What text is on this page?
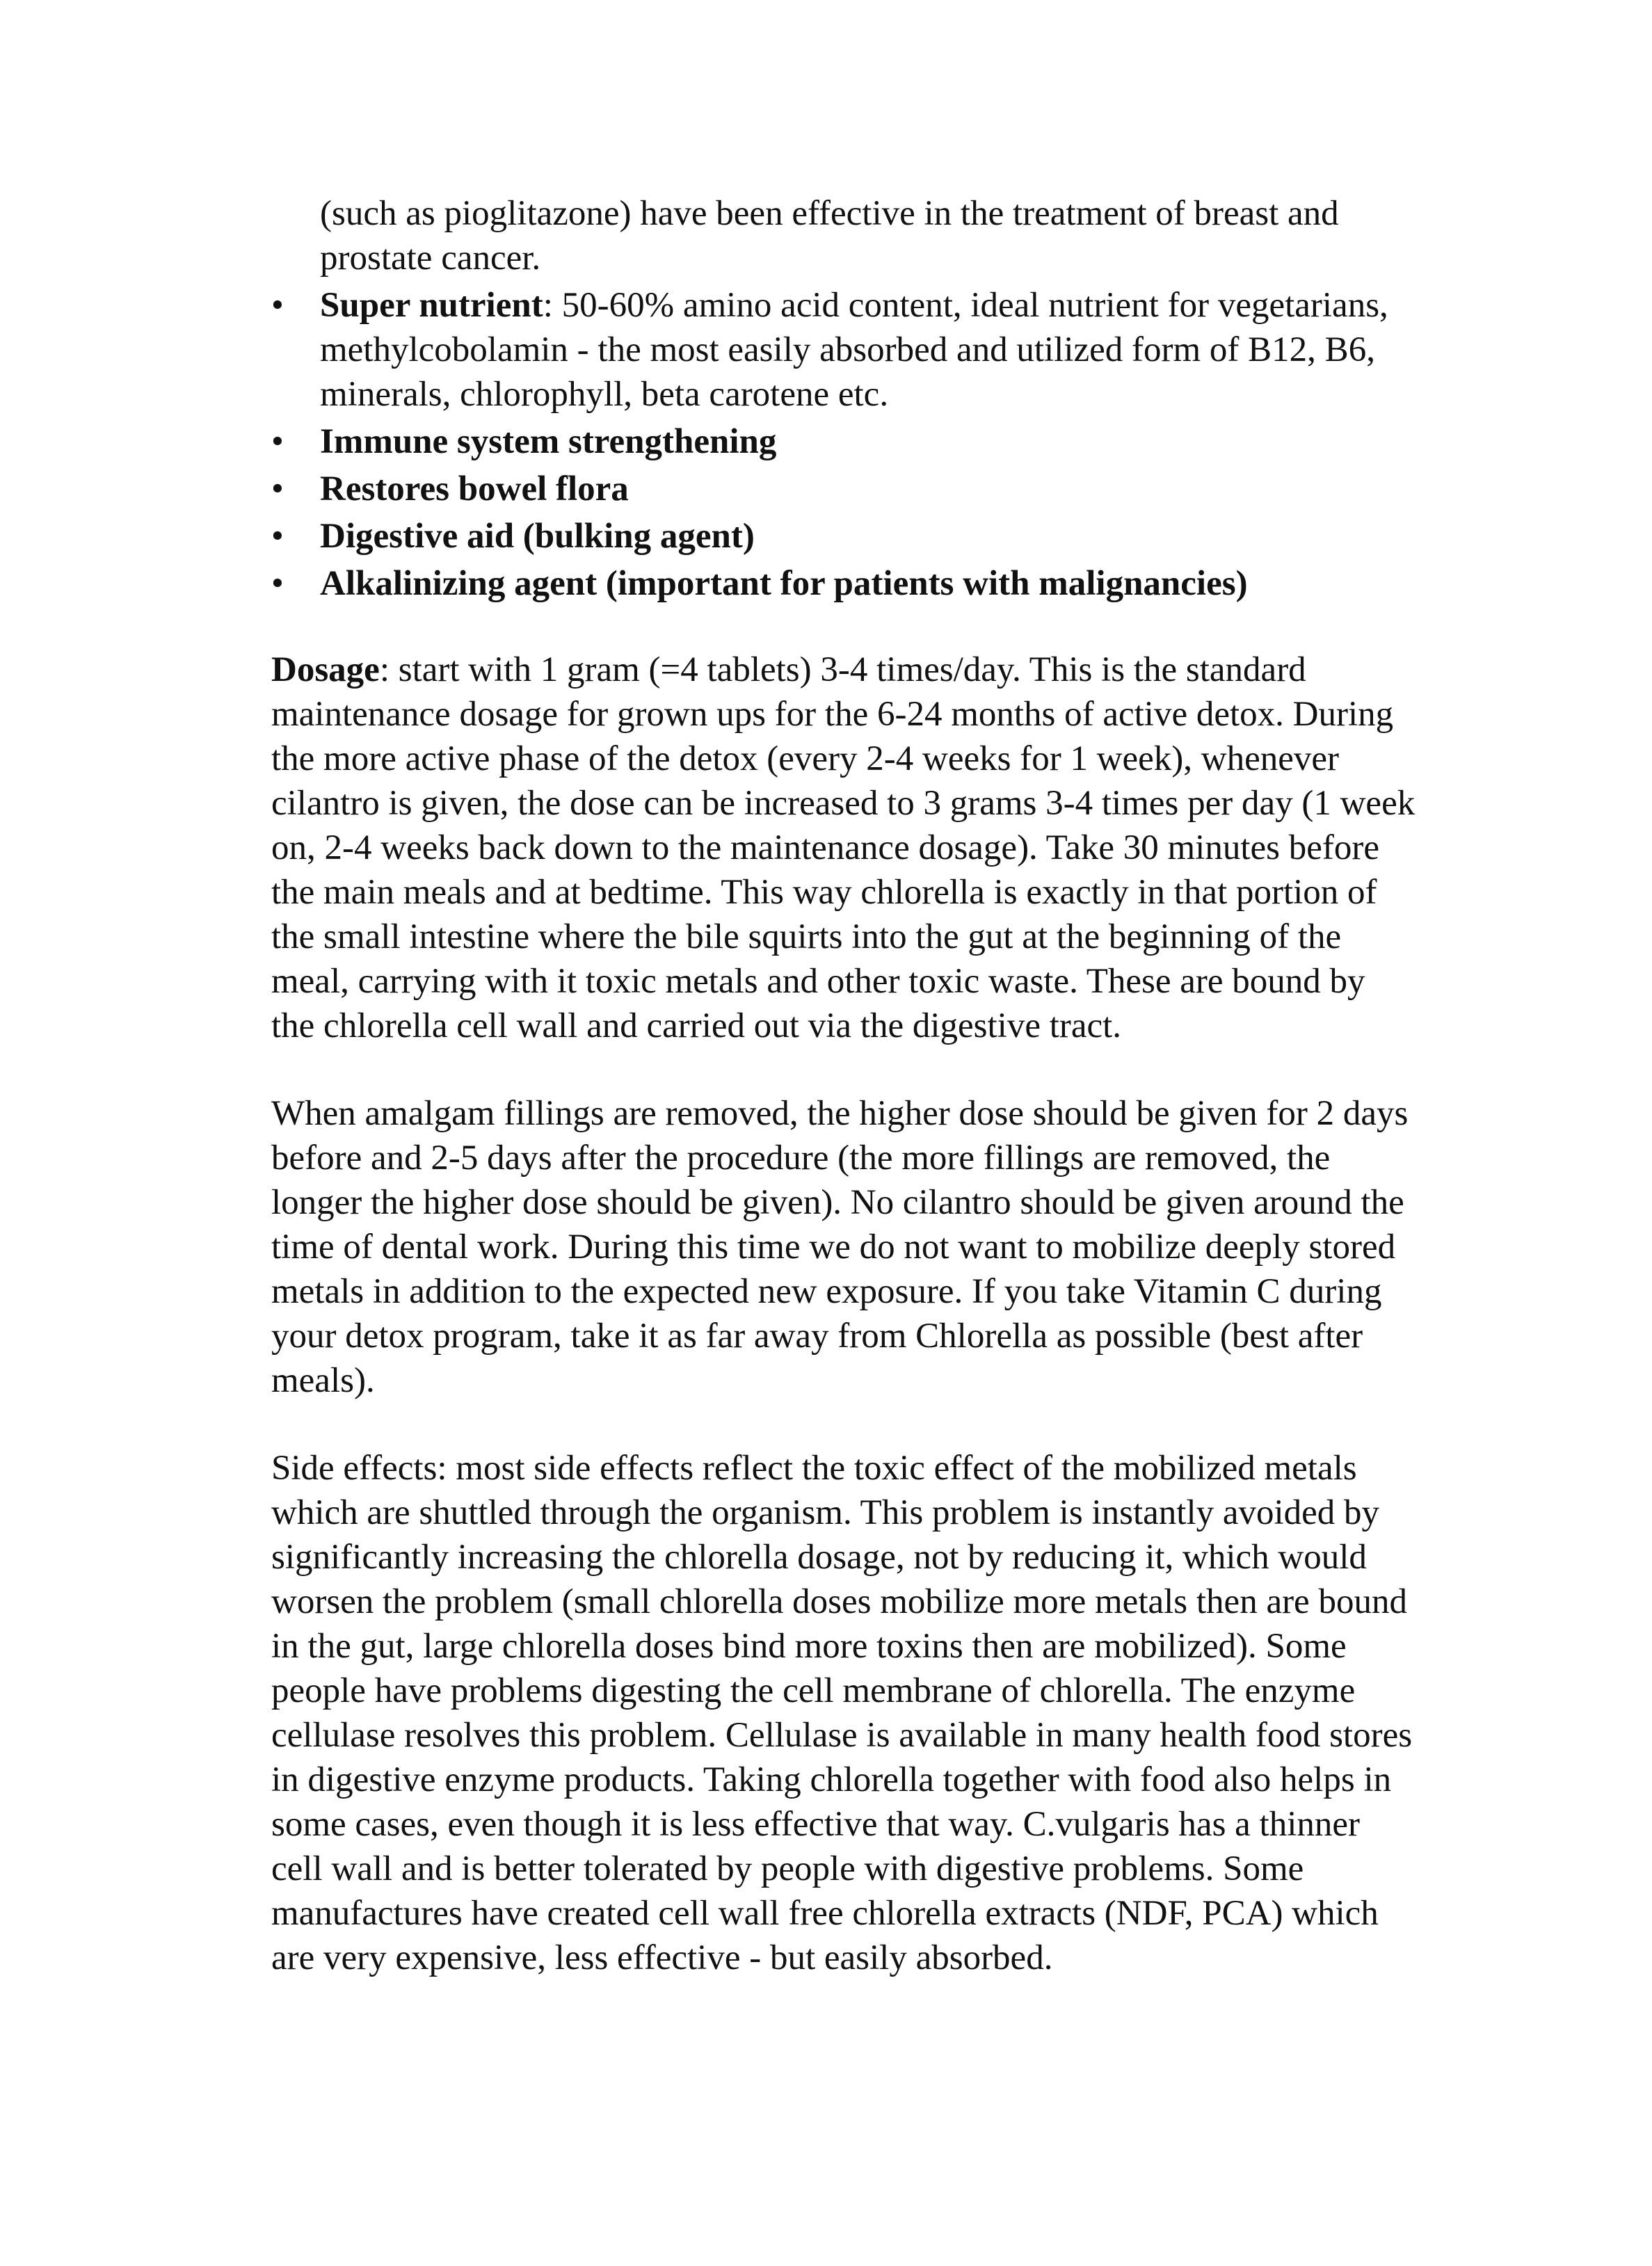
(such as pioglitazone) have been effective in the treatment of breast and
prostate cancer.
• Super nutrient: 50-60% amino acid content, ideal nutrient for vegetarians,
methylcobolamin - the most easily absorbed and utilized form of B12, B6,
minerals, chlorophyll, beta carotene etc.
• Immune system strengthening
• Restores bowel flora
• Digestive aid (bulking agent)
• Alkalinizing agent (important for patients with malignancies)
Dosage: start with 1 gram (=4 tablets) 3-4 times/day. This is the standard
maintenance dosage for grown ups for the 6-24 months of active detox. During
the more active phase of the detox (every 2-4 weeks for 1 week), whenever
cilantro is given, the dose can be increased to 3 grams 3-4 times per day (1 week
on, 2-4 weeks back down to the maintenance dosage). Take 30 minutes before
the main meals and at bedtime. This way chlorella is exactly in that portion of
the small intestine where the bile squirts into the gut at the beginning of the
meal, carrying with it toxic metals and other toxic waste. These are bound by
the chlorella cell wall and carried out via the digestive tract.
When amalgam fillings are removed, the higher dose should be given for 2 days
before and 2-5 days after the procedure (the more fillings are removed, the
longer the higher dose should be given). No cilantro should be given around the
time of dental work. During this time we do not want to mobilize deeply stored
metals in addition to the expected new exposure. If you take Vitamin C during
your detox program, take it as far away from Chlorella as possible (best after
meals).
Side effects: most side effects reflect the toxic effect of the mobilized metals
which are shuttled through the organism. This problem is instantly avoided by
significantly increasing the chlorella dosage, not by reducing it, which would
worsen the problem (small chlorella doses mobilize more metals then are bound
in the gut, large chlorella doses bind more toxins then are mobilized). Some
people have problems digesting the cell membrane of chlorella. The enzyme
cellulase resolves this problem. Cellulase is available in many health food stores
in digestive enzyme products. Taking chlorella together with food also helps in
some cases, even though it is less effective that way. C.vulgaris has a thinner
cell wall and is better tolerated by people with digestive problems. Some
manufactures have created cell wall free chlorella extracts (NDF, PCA) which
are very expensive, less effective - but easily absorbed.
